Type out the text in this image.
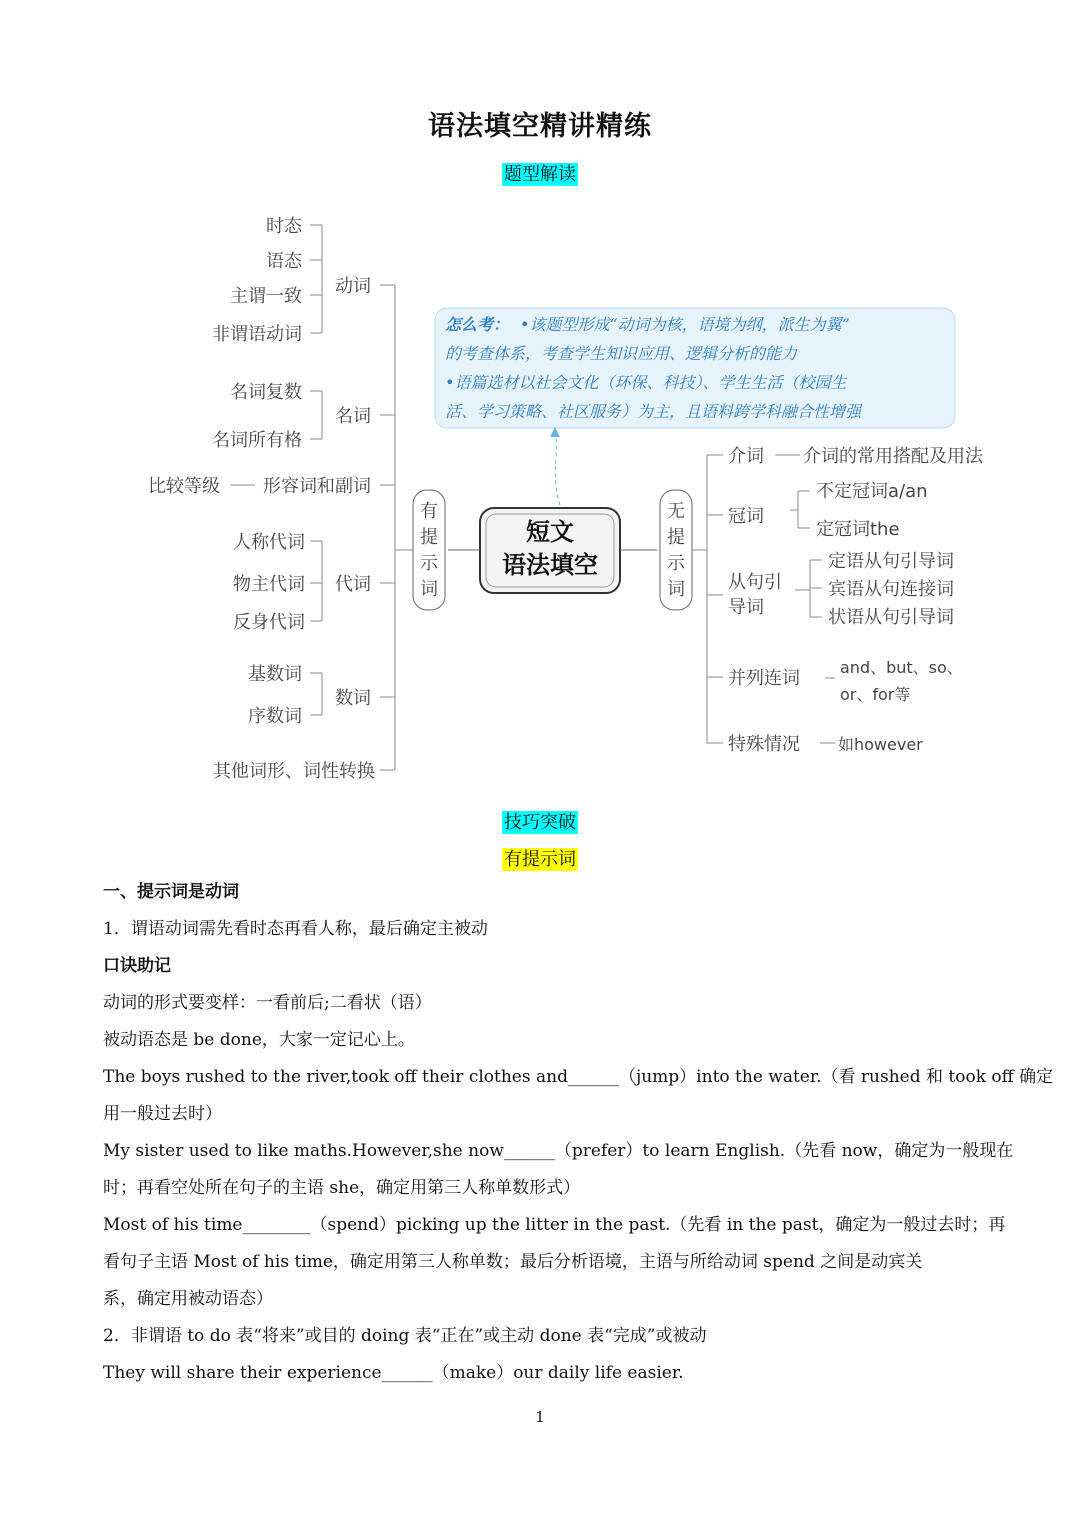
语法填空精讲精练
题型解读
怎么考： •该题型形成“动词为核，语境为纲，派生为翼”
的考查体系，考查学生知识应用、逻辑分析的能力
•语篇选材以社会文化（环保、科技）、学生生活（校园生
活、学习策略、社区服务）为主，且语料跨学科融合性增强
短文
语法填空
有
提
示
词
无
提
示
词
时态
语态
主谓一致
非谓语动词
动词
名词复数
名词所有格
名词
比较等级 形容词和副词
人称代词
物主代词
反身代词
代词
基数词
序数词
数词
其他词形、词性转换
介词 介词的常用搭配及用法
冠词
不定冠词a/an
定冠词the
从句引
导词
定语从句引导词
宾语从句连接词
状语从句引导词
并列连词
and、but、so、
or、for等
特殊情况 如however
技巧突破
有提示词
一、提示词是动词
1．谓语动词需先看时态再看人称，最后确定主被动
口诀助记
动词的形式要变样：一看前后;二看状（语）
被动语态是 be done，大家一定记心上。
The boys rushed to the river,took off their clothes and______（jump）into the water.（看 rushed 和 took off 确定
用一般过去时）
My sister used to like maths.However,she now______（prefer）to learn English.（先看 now，确定为一般现在
时；再看空处所在句子的主语 she，确定用第三人称单数形式）
Most of his time________（spend）picking up the litter in the past.（先看 in the past，确定为一般过去时；再
看句子主语 Most of his time，确定用第三人称单数；最后分析语境，主语与所给动词 spend 之间是动宾关
系，确定用被动语态）
2．非谓语 to do 表“将来”或目的 doing 表“正在”或主动 done 表“完成”或被动
They will share their experience______（make）our daily life easier.
1
